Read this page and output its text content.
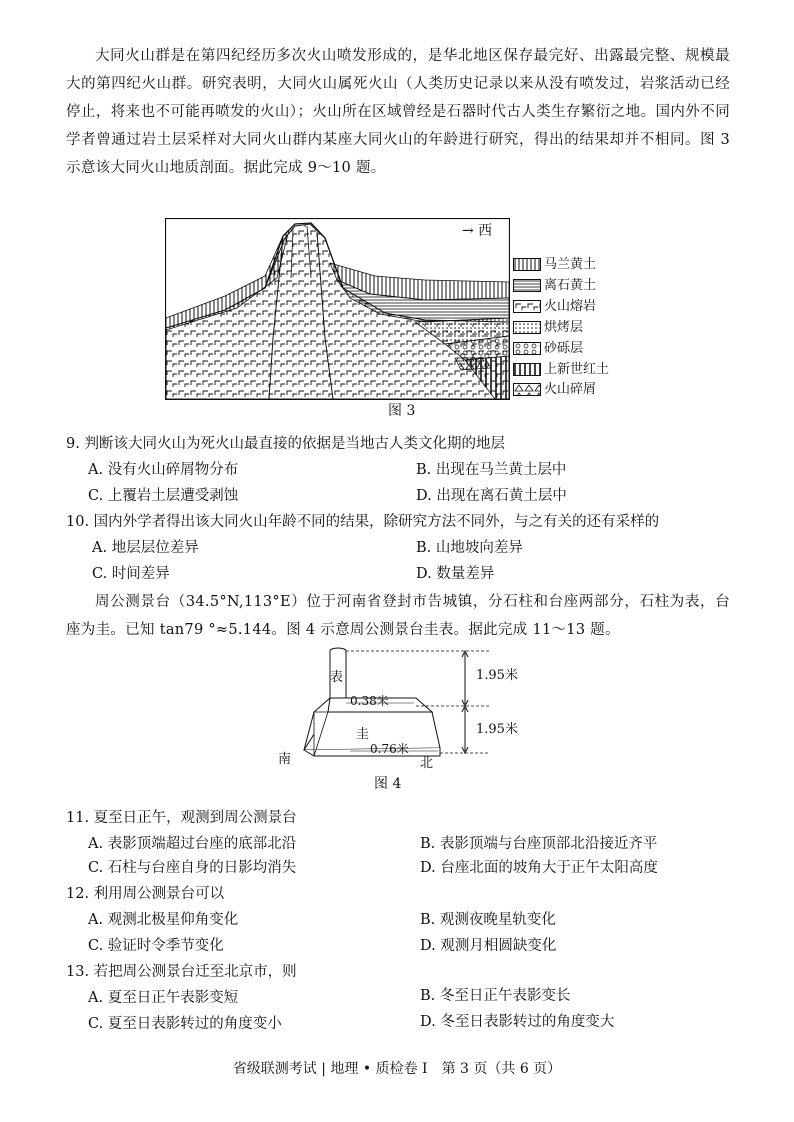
大同火山群是在第四纪经历多次火山喷发形成的，是华北地区保存最完好、出露最完整、规模最大的第四纪火山群。研究表明，大同火山属死火山（人类历史记录以来从没有喷发过，岩浆活动已经停止，将来也不可能再喷发的火山）；火山所在区域曾经是石器时代古人类生存繁衍之地。国内外不同学者曾通过岩土层采样对大同火山群内某座大同火山的年龄进行研究，得出的结果却并不相同。图 3 示意该大同火山地质剖面。据此完成 9～10 题。
→ 西
马兰黄土
离石黄土
火山熔岩
烘烤层
砂砾层
上新世红土
火山碎屑
图 3
9. 判断该大同火山为死火山最直接的依据是当地古人类文化期的地层
A. 没有火山碎屑物分布	B. 出现在马兰黄土层中
C. 上覆岩土层遭受剥蚀	D. 出现在离石黄土层中
10. 国内外学者得出该大同火山年龄不同的结果，除研究方法不同外，与之有关的还有采样的
A. 地层层位差异	B. 山地坡向差异
C. 时间差异	D. 数量差异
周公测景台（34.5°N,113°E）位于河南省登封市告城镇，分石柱和台座两部分，石柱为表，台座为圭。已知 tan79 °≈5.144。图 4 示意周公测景台圭表。据此完成 11～13 题。
表
0.38米
圭
0.76米
1.95米
1.95米
南	北
图 4
11. 夏至日正午，观测到周公测景台
A. 表影顶端超过台座的底部北沿	B. 表影顶端与台座顶部北沿接近齐平
C. 石柱与台座自身的日影均消失	D. 台座北面的坡角大于正午太阳高度
12. 利用周公测景台可以
A. 观测北极星仰角变化	B. 观测夜晚星轨变化
C. 验证时令季节变化	D. 观测月相圆缺变化
13. 若把周公测景台迁至北京市，则
A. 夏至日正午表影变短	B. 冬至日正午表影变长
C. 夏至日表影转过的角度变小	D. 冬至日表影转过的角度变大
省级联测考试 | 地理 • 质检卷 I　第 3 页（共 6 页）
